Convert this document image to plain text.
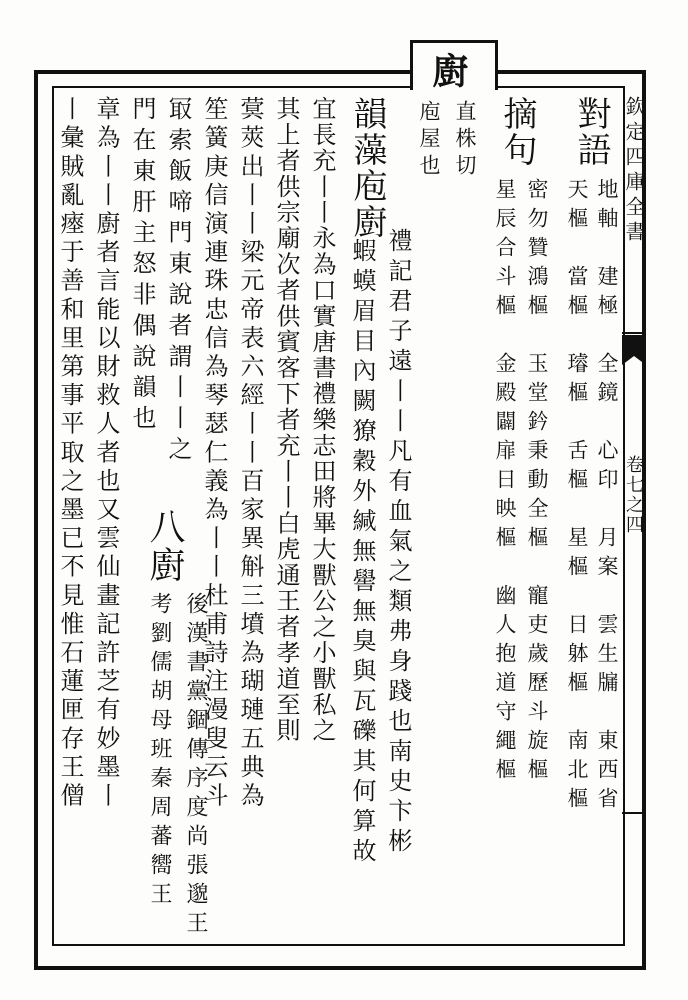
欽定四庫全書
卷七之四
廚
直株切
庖屋也	對語
地軸　建極　全鏡　心印　月案　雲生牖　東西省
天樞　當樞　璿樞　舌樞　星樞　日躰樞　南北樞
摘句
密勿贊鴻樞　玉堂鈐秉動全樞　寵吏歲歷斗旋樞
星辰合斗樞　金殿闢扉日映樞　幽人抱道守繩樞
韻藻
庖廚
禮記君子遠丨丨凡有血氣之類弗身踐也南史卞彬
蝦蟆眉目內闕獠穀外緘無嚳無臭與瓦礫其何算故
宜長充丨丨永為口實唐書禮樂志田將畢大獸公之小獸私之
其上者供宗廟次者供賓客下者充丨丨白虎通王者孝道至則
蓂莢出丨丨梁元帝表六經丨丨百家異斛三墳為瑚璉五典為
笙簧庚信演連珠忠信為琴瑟仁義為丨丨杜甫詩注漫叟云斗
冣索飯啼門東說者謂丨丨之
門在東肝主怒非偶說韻也
章為丨丨廚者言能以財救人者也又雲仙畫記許芝有妙墨丨
丨彙賊亂瘞于善和里第事平取之墨已不見惟石蓮匣存王僧 八廚
後漢書黨錮傳序度尚張邈王
考劉儒胡母班秦周蕃嚮王
